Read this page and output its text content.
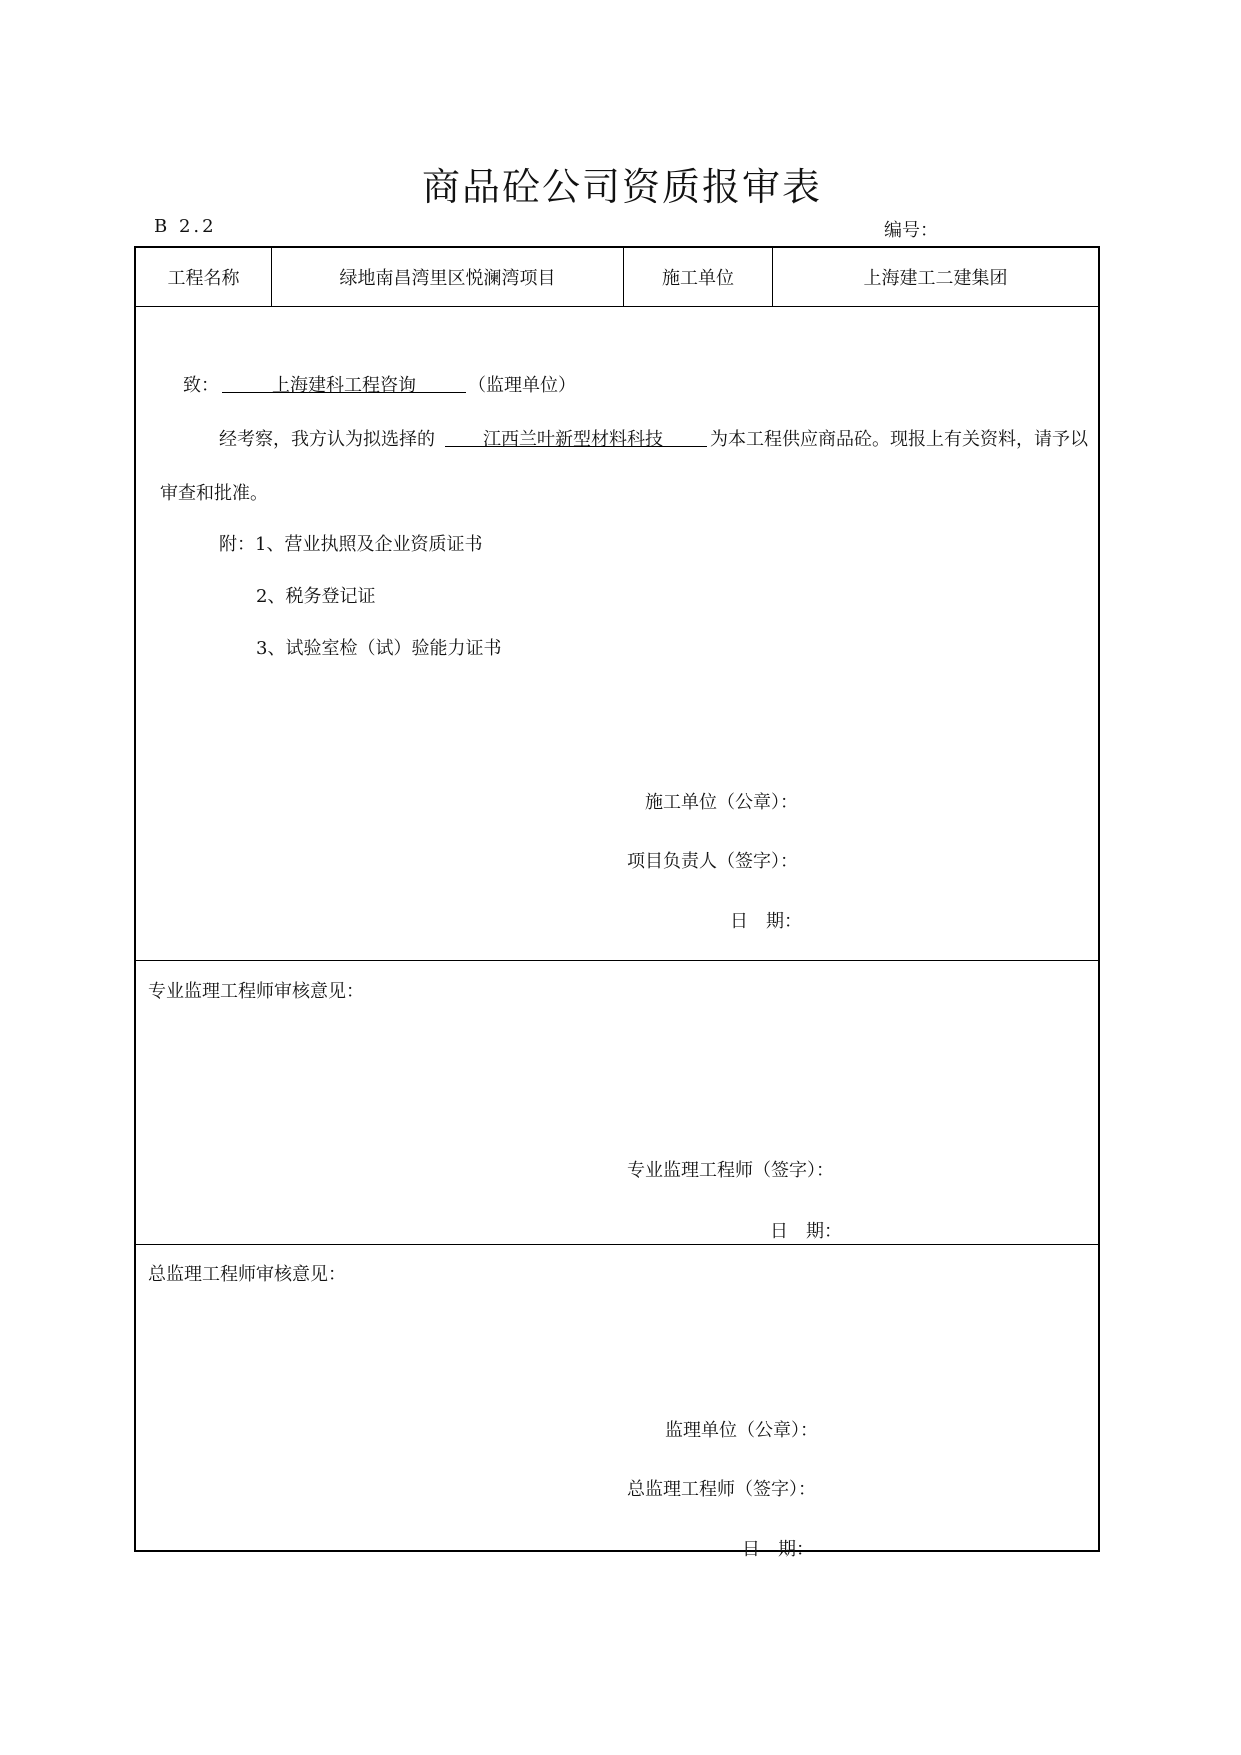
商品砼公司资质报审表
B 2.2	编号：
工程名称	绿地南昌湾里区悦澜湾项目	施工单位	上海建工二建集团
致：	上海建科工程咨询	（监理单位）
经考察，我方认为拟选择的	江西兰叶新型材料科技	为本工程供应商品砼。现报上有关资料，请予以
审查和批准。
附：1、营业执照及企业资质证书
2、税务登记证
3、试验室检（试）验能力证书
施工单位（公章）：
项目负责人（签字）：
日　期：
专业监理工程师审核意见：
专业监理工程师（签字）：
日　期：
总监理工程师审核意见：
监理单位（公章）：
总监理工程师（签字）：
日　期：
